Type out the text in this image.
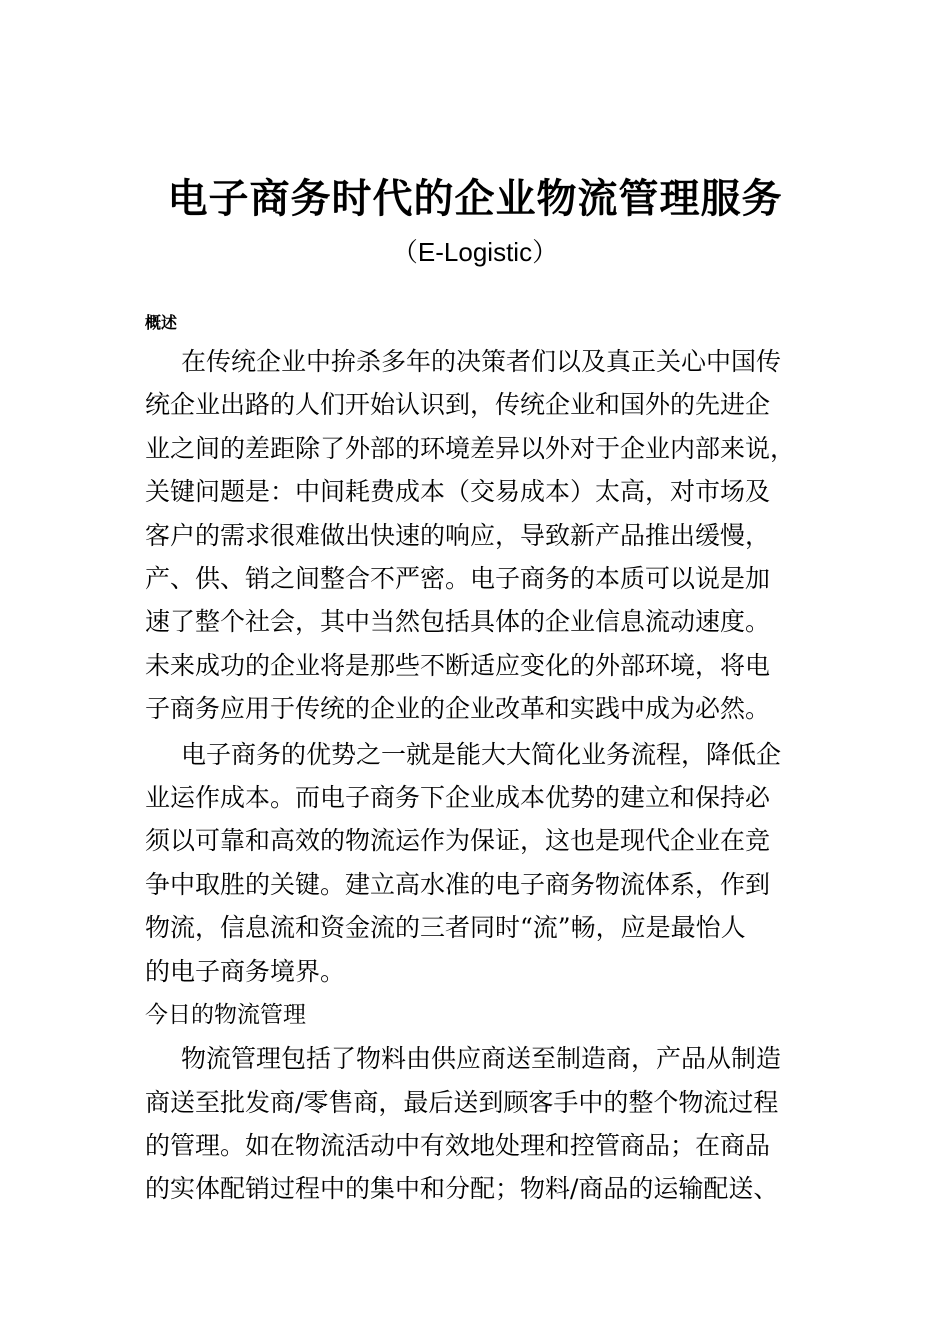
电子商务时代的企业物流管理服务
（E-Logistic）
概述
在传统企业中拚杀多年的决策者们以及真正关心中国传
统企业出路的人们开始认识到，传统企业和国外的先进企
业之间的差距除了外部的环境差异以外对于企业内部来说，
关键问题是：中间耗费成本（交易成本）太高，对市场及
客户的需求很难做出快速的响应，导致新产品推出缓慢，
产、供、销之间整合不严密。电子商务的本质可以说是加
速了整个社会，其中当然包括具体的企业信息流动速度。
未来成功的企业将是那些不断适应变化的外部环境，将电
子商务应用于传统的企业的企业改革和实践中成为必然。
电子商务的优势之一就是能大大简化业务流程，降低企
业运作成本。而电子商务下企业成本优势的建立和保持必
须以可靠和高效的物流运作为保证，这也是现代企业在竞
争中取胜的关键。建立高水准的电子商务物流体系，作到
物流，信息流和资金流的三者同时“流”畅，应是最怡人
的电子商务境界。
今日的物流管理
物流管理包括了物料由供应商送至制造商，产品从制造
商送至批发商/零售商，最后送到顾客手中的整个物流过程
的管理。如在物流活动中有效地处理和控管商品；在商品
的实体配销过程中的集中和分配；物料/商品的运输配送、
